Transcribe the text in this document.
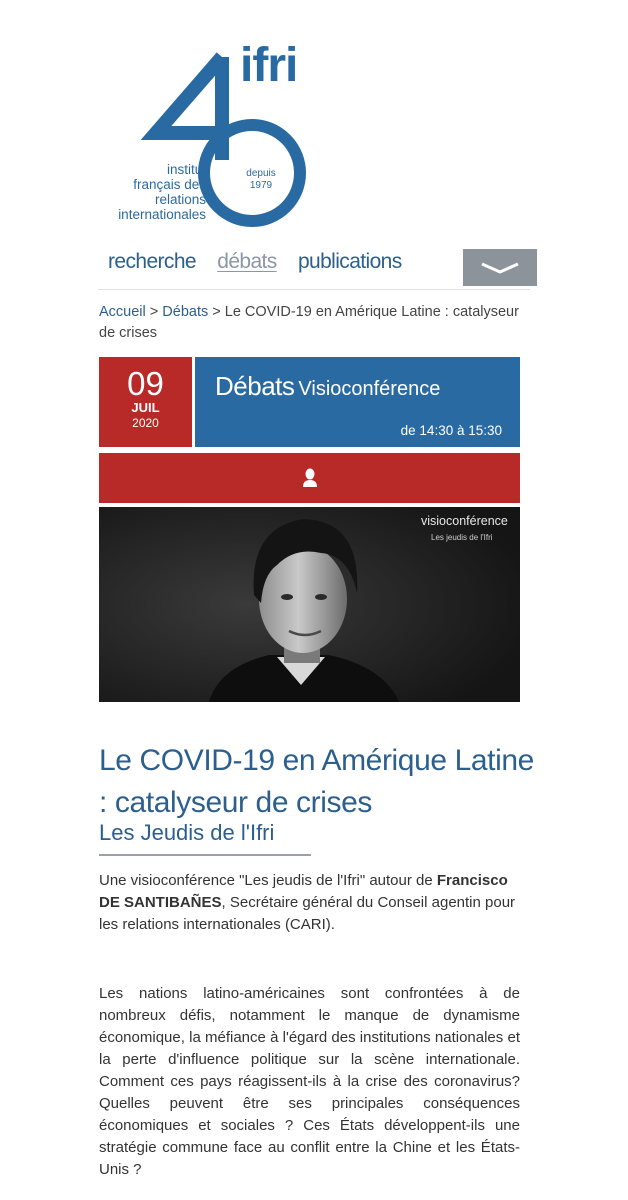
ifri
institut
français des
relations
internationales
depuis
1979
recherche débats publications
Accueil > Débats > Le COVID-19 en Amérique Latine : catalyseur de crises
09
JUIL
2020
Débats Visioconférence
de 14:30 à 15:30
visioconférence
Les jeudis de l'Ifri
Le COVID-19 en Amérique Latine : catalyseur de crises
Les Jeudis de l'Ifri
Une visioconférence "Les jeudis de l'Ifri" autour de Francisco DE SANTIBAÑES, Secrétaire général du Conseil agentin pour les relations internationales (CARI).
Les nations latino-américaines sont confrontées à de nombreux défis, notamment le manque de dynamisme économique, la méfiance à l'égard des institutions nationales et la perte d'influence politique sur la scène internationale. Comment ces pays réagissent-ils à la crise des coronavirus? Quelles peuvent être ses principales conséquences économiques et sociales ? Ces États développent-ils une stratégie commune face au conflit entre la Chine et les États-Unis ?
